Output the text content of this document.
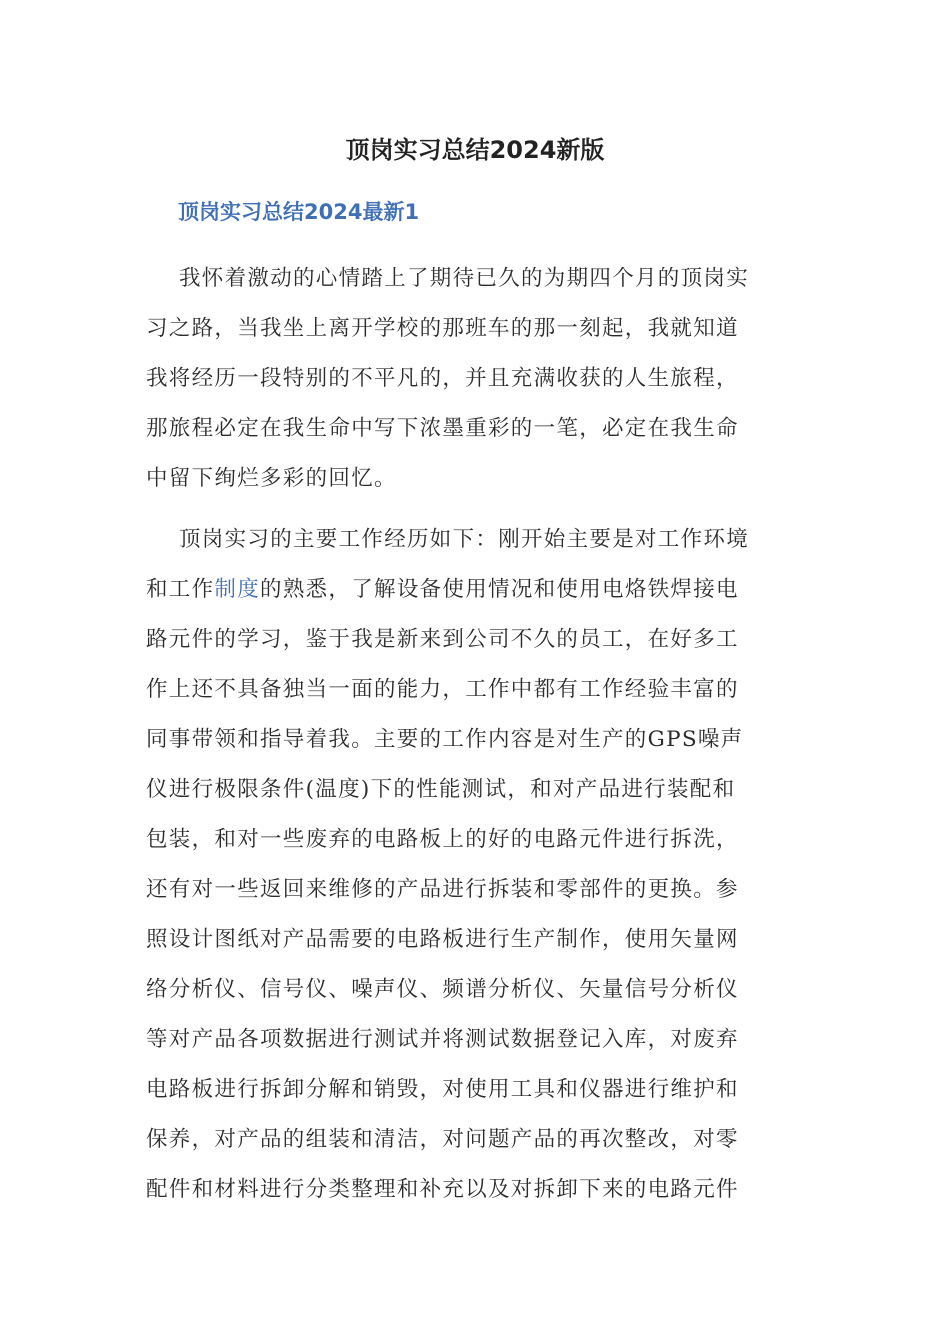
顶岗实习总结2024新版
顶岗实习总结2024最新1

我怀着激动的心情踏上了期待已久的为期四个月的顶岗实
习之路，当我坐上离开学校的那班车的那一刻起，我就知道
我将经历一段特别的不平凡的，并且充满收获的人生旅程，
那旅程必定在我生命中写下浓墨重彩的一笔，必定在我生命
中留下绚烂多彩的回忆。

顶岗实习的主要工作经历如下：刚开始主要是对工作环境
和工作制度的熟悉，了解设备使用情况和使用电烙铁焊接电
路元件的学习，鉴于我是新来到公司不久的员工，在好多工
作上还不具备独当一面的能力，工作中都有工作经验丰富的
同事带领和指导着我。主要的工作内容是对生产的GPS噪声
仪进行极限条件(温度)下的性能测试，和对产品进行装配和
包装，和对一些废弃的电路板上的好的电路元件进行拆洗，
还有对一些返回来维修的产品进行拆装和零部件的更换。参
照设计图纸对产品需要的电路板进行生产制作，使用矢量网
络分析仪、信号仪、噪声仪、频谱分析仪、矢量信号分析仪
等对产品各项数据进行测试并将测试数据登记入库，对废弃
电路板进行拆卸分解和销毁，对使用工具和仪器进行维护和
保养，对产品的组装和清洁，对问题产品的再次整改，对零
配件和材料进行分类整理和补充以及对拆卸下来的电路元件
